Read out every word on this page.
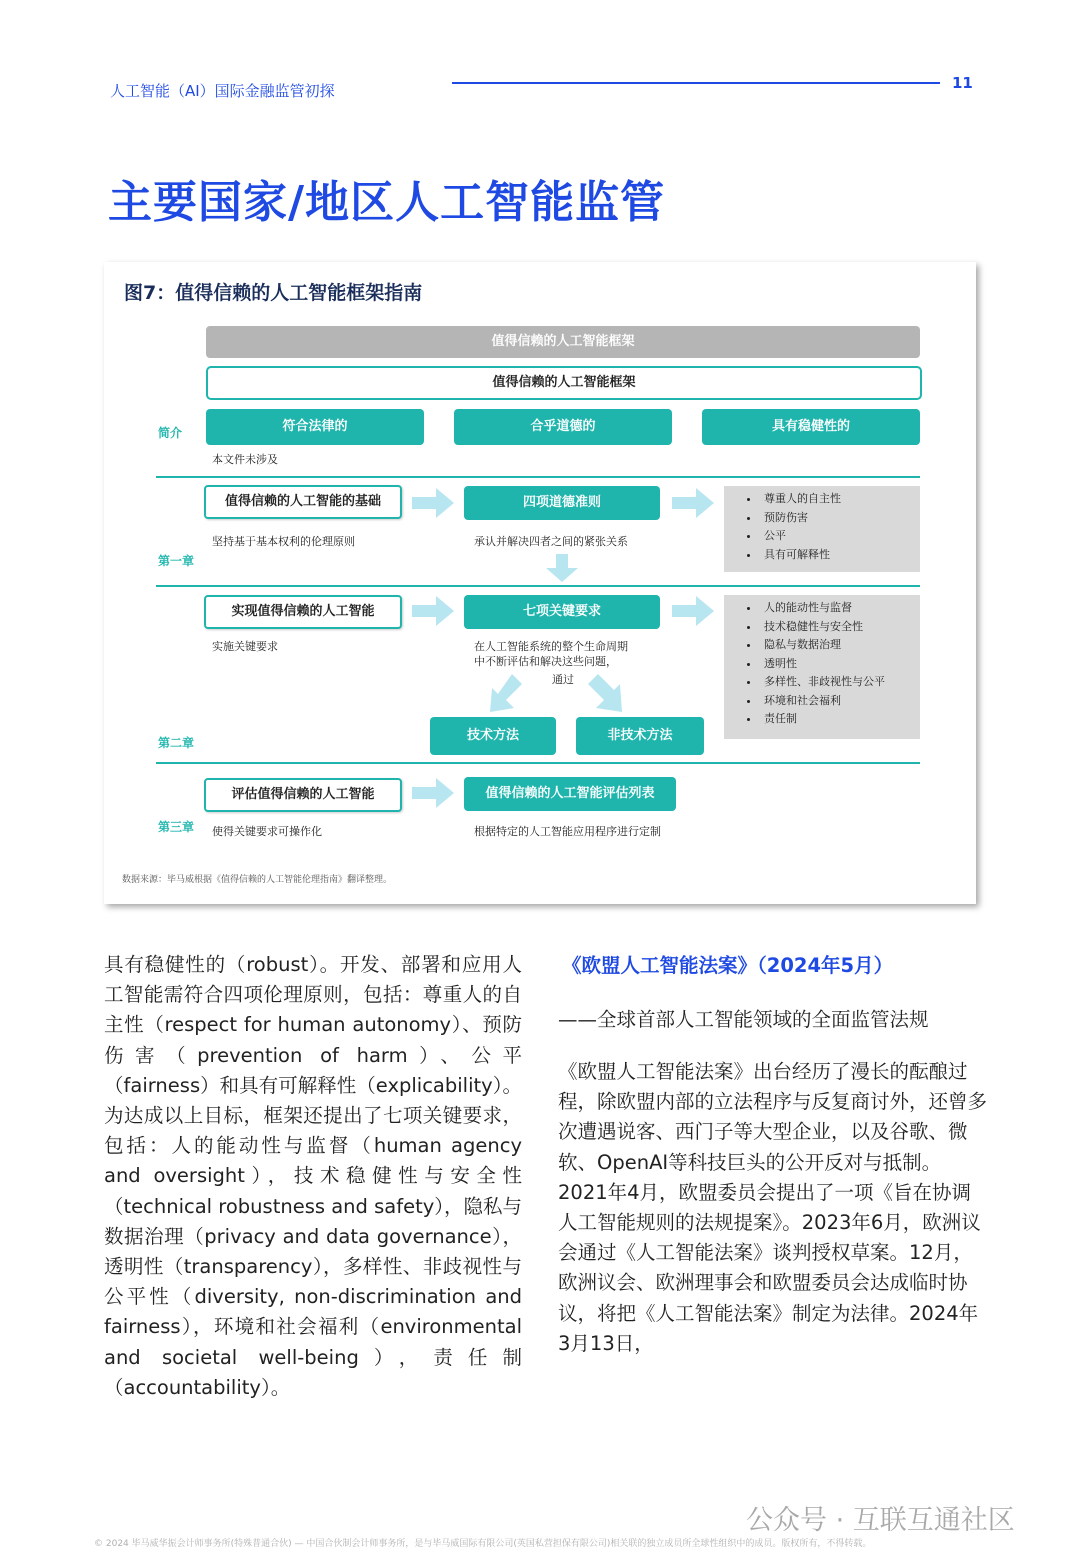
人工智能（AI）国际金融监管初探	11
主要国家/地区人工智能监管
图7：值得信赖的人工智能框架指南
值得信赖的人工智能框架
值得信赖的人工智能框架
简介	符合法律的	合乎道德的	具有稳健性的
本文件未涉及
值得信赖的人工智能的基础
坚持基于基本权利的伦理原则
四项道德准则
承认并解决四者之间的紧张关系
• 尊重人的自主性
• 预防伤害
• 公平
• 具有可解释性
第一章
实现值得信赖的人工智能
实施关键要求
七项关键要求
在人工智能系统的整个生命周期
中不断评估和解决这些问题，
通过
• 人的能动性与监督
• 技术稳健性与安全性
• 隐私与数据治理
• 透明性
• 多样性、非歧视性与公平
• 环境和社会福利
• 责任制
技术方法	非技术方法
第二章
评估值得信赖的人工智能
使得关键要求可操作化
值得信赖的人工智能评估列表
根据特定的人工智能应用程序进行定制
第三章
数据来源：毕马威根据《值得信赖的人工智能伦理指南》翻译整理。
具有稳健性的（robust）。开发、部署和应用人工智能需符合四项伦理原则，包括：尊重人的自主性（respect for human autonomy）、预防伤害（prevention of harm）、公平（fairness）和具有可解释性（explicability）。为达成以上目标，框架还提出了七项关键要求，包括：人的能动性与监督（human agency and oversight），技术稳健性与安全性（technical robustness and safety），隐私与数据治理（privacy and data governance），透明性（transparency），多样性、非歧视性与公平性（diversity, non-discrimination and fairness），环境和社会福利（environmental and societal well-being），责任制（accountability）。
《欧盟人工智能法案》（2024年5月）
——全球首部人工智能领域的全面监管法规
《欧盟人工智能法案》出台经历了漫长的酝酿过程，除欧盟内部的立法程序与反复商讨外，还曾多次遭遇说客、西门子等大型企业，以及谷歌、微软、OpenAI等科技巨头的公开反对与抵制。2021年4月，欧盟委员会提出了一项《旨在协调人工智能规则的法规提案》。2023年6月，欧洲议会通过《人工智能法案》谈判授权草案。12月，欧洲议会、欧洲理事会和欧盟委员会达成临时协议，将把《人工智能法案》制定为法律。2024年3月13日，
© 2024 毕马威华振会计师事务所(特殊普通合伙) — 中国合伙制会计师事务所，是与毕马威国际有限公司(英国私营担保有限公司)相关联的独立成员所全球性组织中的成员。版权所有，不得转载。
公众号 · 互联互通社区
